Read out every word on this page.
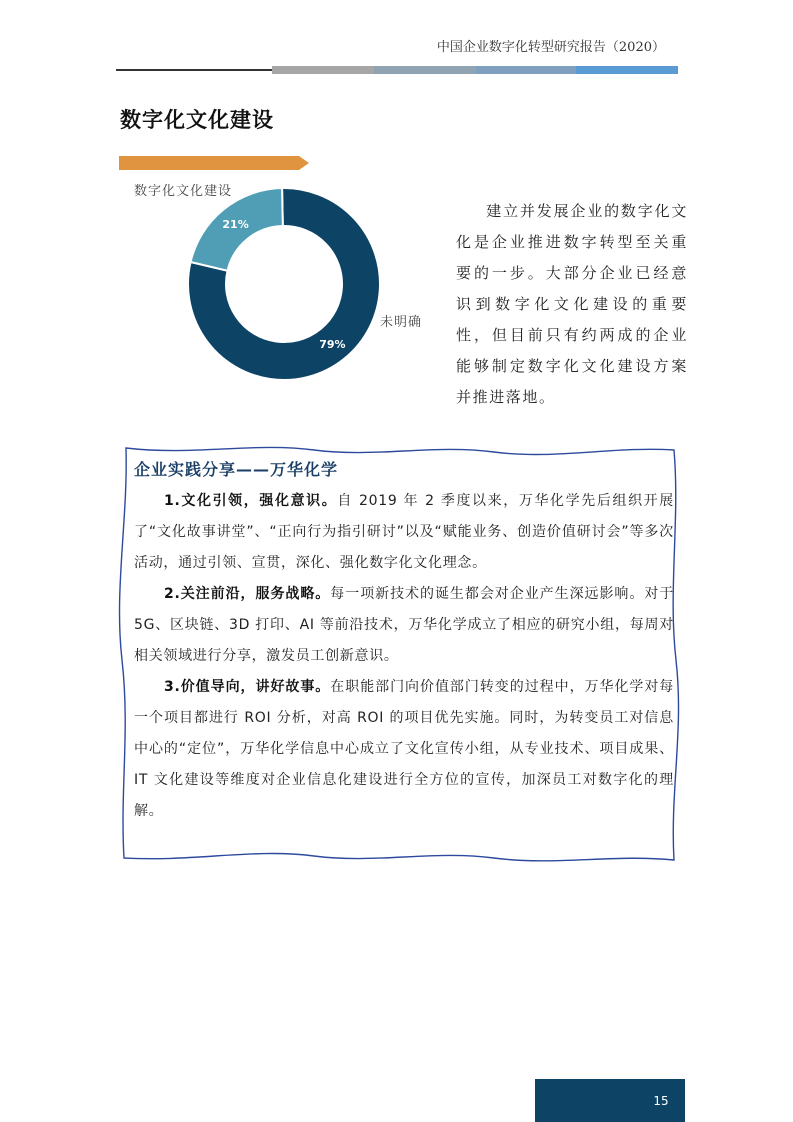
中国企业数字化转型研究报告（2020）
数字化文化建设
数字化文化建设
79%
21%
未明确
建立并发展企业的数字化文化是企业推进数字转型至关重要的一步。大部分企业已经意识到数字化文化建设的重要性，但目前只有约两成的企业能够制定数字化文化建设方案并推进落地。
企业实践分享——万华化学

1.文化引领，强化意识。自 2019 年 2 季度以来，万华化学先后组织开展了“文化故事讲堂”、“正向行为指引研讨”以及“赋能业务、创造价值研讨会”等多次活动，通过引领、宣贯，深化、强化数字化文化理念。

2.关注前沿，服务战略。每一项新技术的诞生都会对企业产生深远影响。对于 5G、区块链、3D 打印、AI 等前沿技术，万华化学成立了相应的研究小组，每周对相关领域进行分享，激发员工创新意识。

3.价值导向，讲好故事。在职能部门向价值部门转变的过程中，万华化学对每一个项目都进行 ROI 分析，对高 ROI 的项目优先实施。同时，为转变员工对信息中心的“定位”，万华化学信息中心成立了文化宣传小组，从专业技术、项目成果、IT 文化建设等维度对企业信息化建设进行全方位的宣传，加深员工对数字化的理解。

15
